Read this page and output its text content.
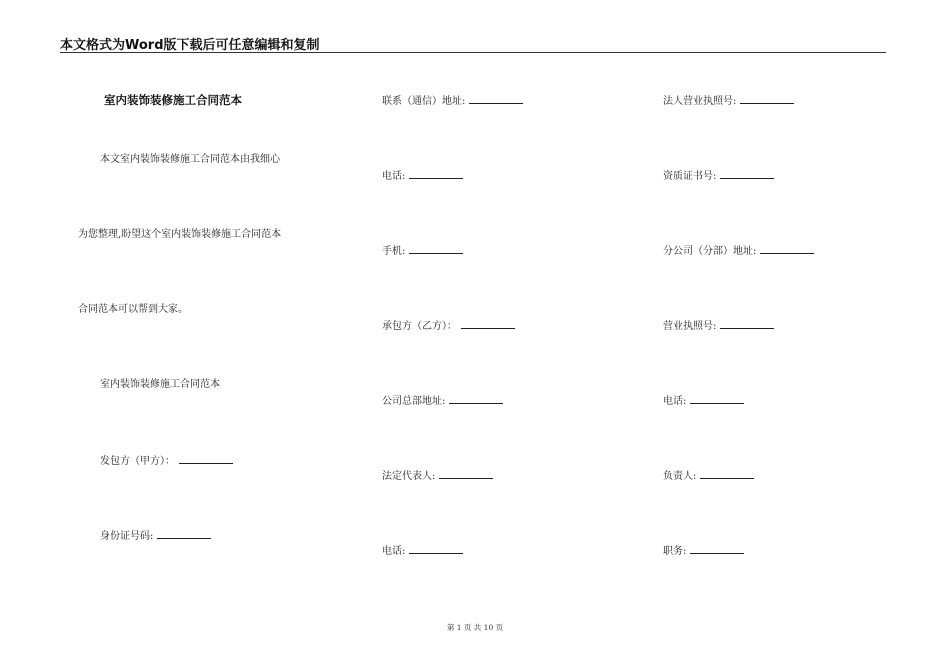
本文格式为Word版下载后可任意编辑和复制
室内装饰装修施工合同范本
本文室内装饰装修施工合同范本由我细心
为您整理,盼望这个室内装饰装修施工合同范本
合同范本可以帮到大家。
室内装饰装修施工合同范本
发包方（甲方）：
身份证号码:
联系（通信）地址:
电话:
手机:
承包方（乙方）：
公司总部地址:
法定代表人:
电话:
法人营业执照号:
资质证书号:
分公司（分部）地址:
营业执照号:
电话:
负责人:
职务:
第 1 页 共 10 页
